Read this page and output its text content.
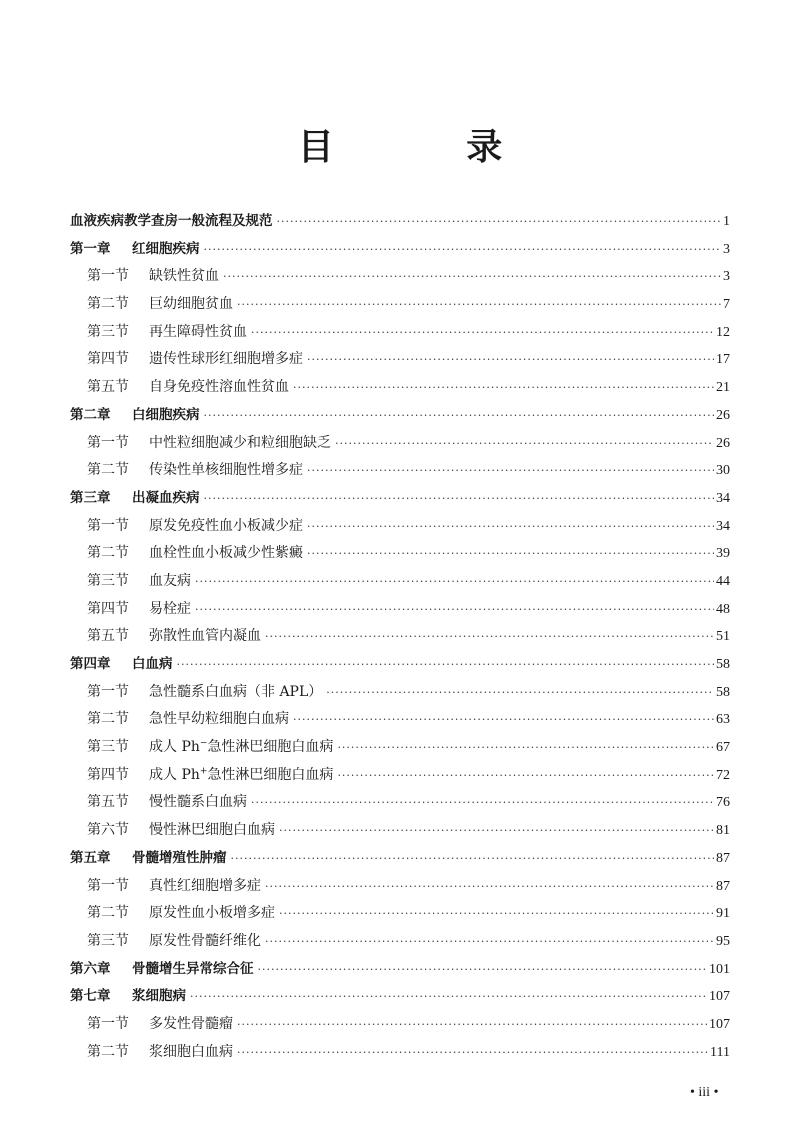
目 录
血液疾病教学查房一般流程及规范 ·····	1
第一章	红细胞疾病 ·····	3
第一节	缺铁性贫血 ·····	3
第二节	巨幼细胞贫血 ·····	7
第三节	再生障碍性贫血 ·····	12
第四节	遗传性球形红细胞增多症 ·····	17
第五节	自身免疫性溶血性贫血 ·····	21
第二章	白细胞疾病 ·····	26
第一节	中性粒细胞减少和粒细胞缺乏 ·····	26
第二节	传染性单核细胞性增多症 ·····	30
第三章	出凝血疾病 ·····	34
第一节	原发免疫性血小板减少症 ·····	34
第二节	血栓性血小板减少性紫癜 ·····	39
第三节	血友病 ·····	44
第四节	易栓症 ·····	48
第五节	弥散性血管内凝血 ·····	51
第四章	白血病 ·····	58
第一节	急性髓系白血病（非 APL） ·····	58
第二节	急性早幼粒细胞白血病 ·····	63
第三节	成人 Ph−急性淋巴细胞白血病 ·····	67
第四节	成人 Ph+急性淋巴细胞白血病 ·····	72
第五节	慢性髓系白血病 ·····	76
第六节	慢性淋巴细胞白血病 ·····	81
第五章	骨髓增殖性肿瘤 ·····	87
第一节	真性红细胞增多症 ·····	87
第二节	原发性血小板增多症 ·····	91
第三节	原发性骨髓纤维化 ·····	95
第六章	骨髓增生异常综合征 ·····	101
第七章	浆细胞病 ·····	107
第一节	多发性骨髓瘤 ·····	107
第二节	浆细胞白血病 ·····	111
• iii •
